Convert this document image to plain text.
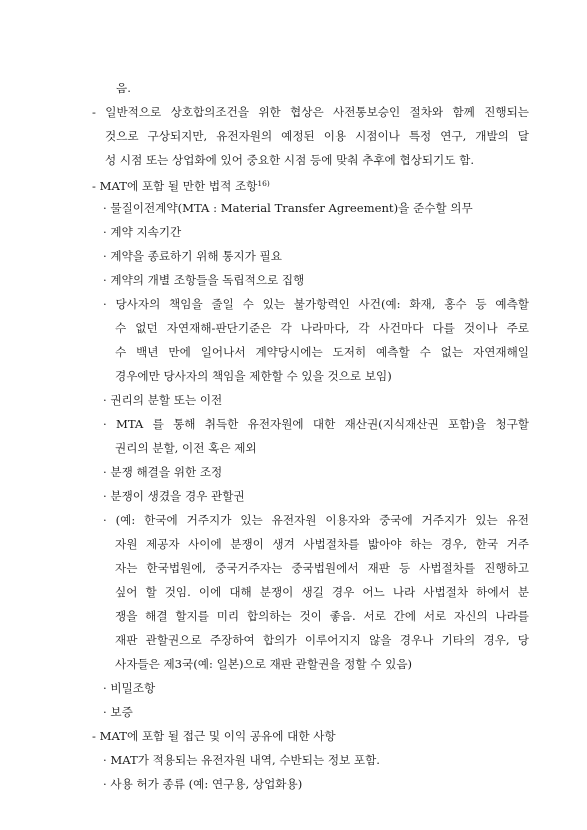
음.
- 일반적으로 상호합의조건을 위한 협상은 사전통보승인 절차와 함께 진행되는
것으로 구상되지만, 유전자원의 예정된 이용 시점이나 특정 연구, 개발의 달
성 시점 또는 상업화에 있어 중요한 시점 등에 맞춰 추후에 협상되기도 함.
- MAT에 포함 될 만한 법적 조항$^{16)}$
· 물질이전계약(MTA : Material Transfer Agreement)을 준수할 의무
· 계약 지속기간
· 계약을 종료하기 위해 통지가 필요
· 계약의 개별 조항들을 독립적으로 집행
· 당사자의 책임을 줄일 수 있는 불가항력인 사건(예: 화재, 홍수 등 예측할
수 없던 자연재해-판단기준은 각 나라마다, 각 사건마다 다를 것이나 주로
수 백년 만에 일어나서 계약당시에는 도저히 예측할 수 없는 자연재해일
경우에만 당사자의 책임을 제한할 수 있을 것으로 보임)
· 권리의 분할 또는 이전
· MTA 를 통해 취득한 유전자원에 대한 재산권(지식재산권 포함)을 청구할
권리의 분할, 이전 혹은 제외
· 분쟁 해결을 위한 조정
· 분쟁이 생겼을 경우 관할권
· (예: 한국에 거주지가 있는 유전자원 이용자와 중국에 거주지가 있는 유전
자원 제공자 사이에 분쟁이 생겨 사법절차를 밟아야 하는 경우, 한국 거주
자는 한국법원에, 중국거주자는 중국법원에서 재판 등 사법절차를 진행하고
싶어 할 것임. 이에 대해 분쟁이 생길 경우 어느 나라 사법절차 하에서 분
쟁을 해결 할지를 미리 합의하는 것이 좋음. 서로 간에 서로 자신의 나라를
재판 관할권으로 주장하여 합의가 이루어지지 않을 경우나 기타의 경우, 당
사자들은 제3국(예: 일본)으로 재판 관할권을 정할 수 있음)
· 비밀조항
· 보증
- MAT에 포함 될 접근 및 이익 공유에 대한 사항
· MAT가 적용되는 유전자원 내역, 수반되는 정보 포함.
· 사용 허가 종류 (예: 연구용, 상업화용)
